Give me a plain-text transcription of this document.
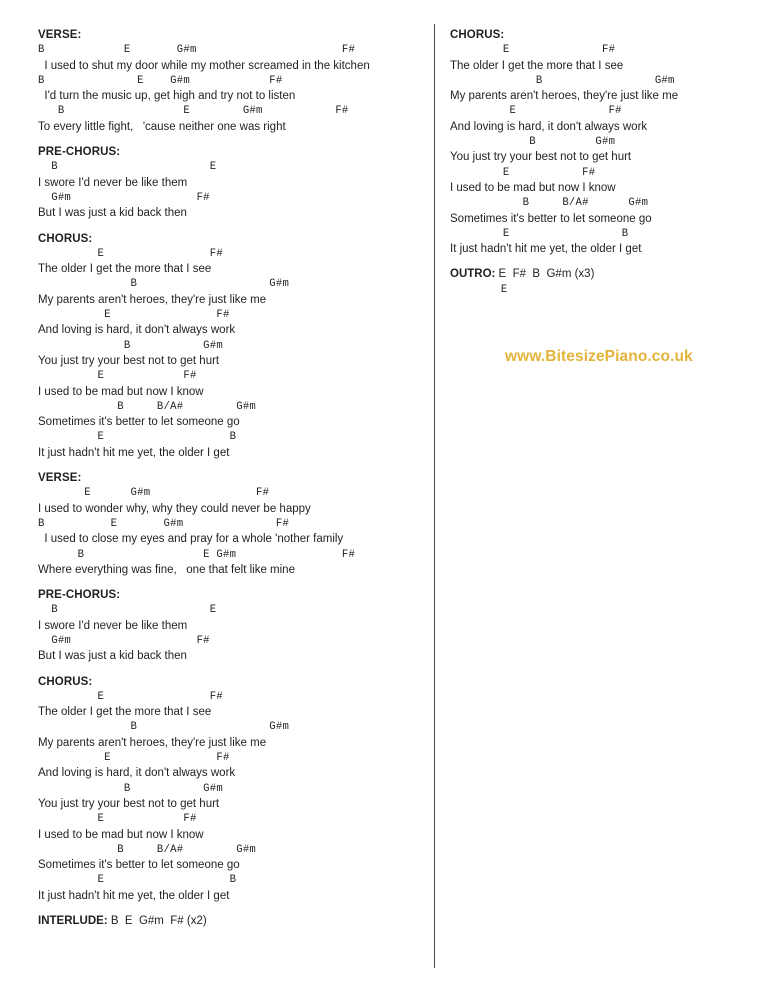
VERSE:
B            E       G#m                      F#
I used to shut my door while my mother screamed in the kitchen
B              E    G#m            F#
I'd turn the music up, get high and try not to listen
B                  E        G#m           F#
To every little fight,   'cause neither one was right
PRE-CHORUS:
B                       E
I swore I'd never be like them
G#m                   F#
But I was just a kid back then
CHORUS:
E                F#
The older I get the more that I see
B                    G#m
My parents aren't heroes, they're just like me
E                F#
And loving is hard, it don't always work
B           G#m
You just try your best not to get hurt
E            F#
I used to be mad but now I know
B     B/A#        G#m
Sometimes it's better to let someone go
E                   B
It just hadn't hit me yet, the older I get
VERSE:
E      G#m                F#
I used to wonder why, why they could never be happy
B          E       G#m              F#
I used to close my eyes and pray for a whole 'nother family
B                  E G#m                F#
Where everything was fine,   one that felt like mine
PRE-CHORUS:
B                       E
I swore I'd never be like them
G#m                   F#
But I was just a kid back then
CHORUS:
E                F#
The older I get the more that I see
B                    G#m
My parents aren't heroes, they're just like me
E                F#
And loving is hard, it don't always work
B           G#m
You just try your best not to get hurt
E            F#
I used to be mad but now I know
B     B/A#        G#m
Sometimes it's better to let someone go
E                   B
It just hadn't hit me yet, the older I get
INTERLUDE: B  E  G#m  F# (x2)
CHORUS:
E              F#
The older I get the more that I see
B                 G#m
My parents aren't heroes, they're just like me
E              F#
And loving is hard, it don't always work
B         G#m
You just try your best not to get hurt
E           F#
I used to be mad but now I know
B     B/A#      G#m
Sometimes it's better to let someone go
E                 B
It just hadn't hit me yet, the older I get
OUTRO: E  F#  B  G#m (x3)
E
www.BitesizePiano.co.uk
